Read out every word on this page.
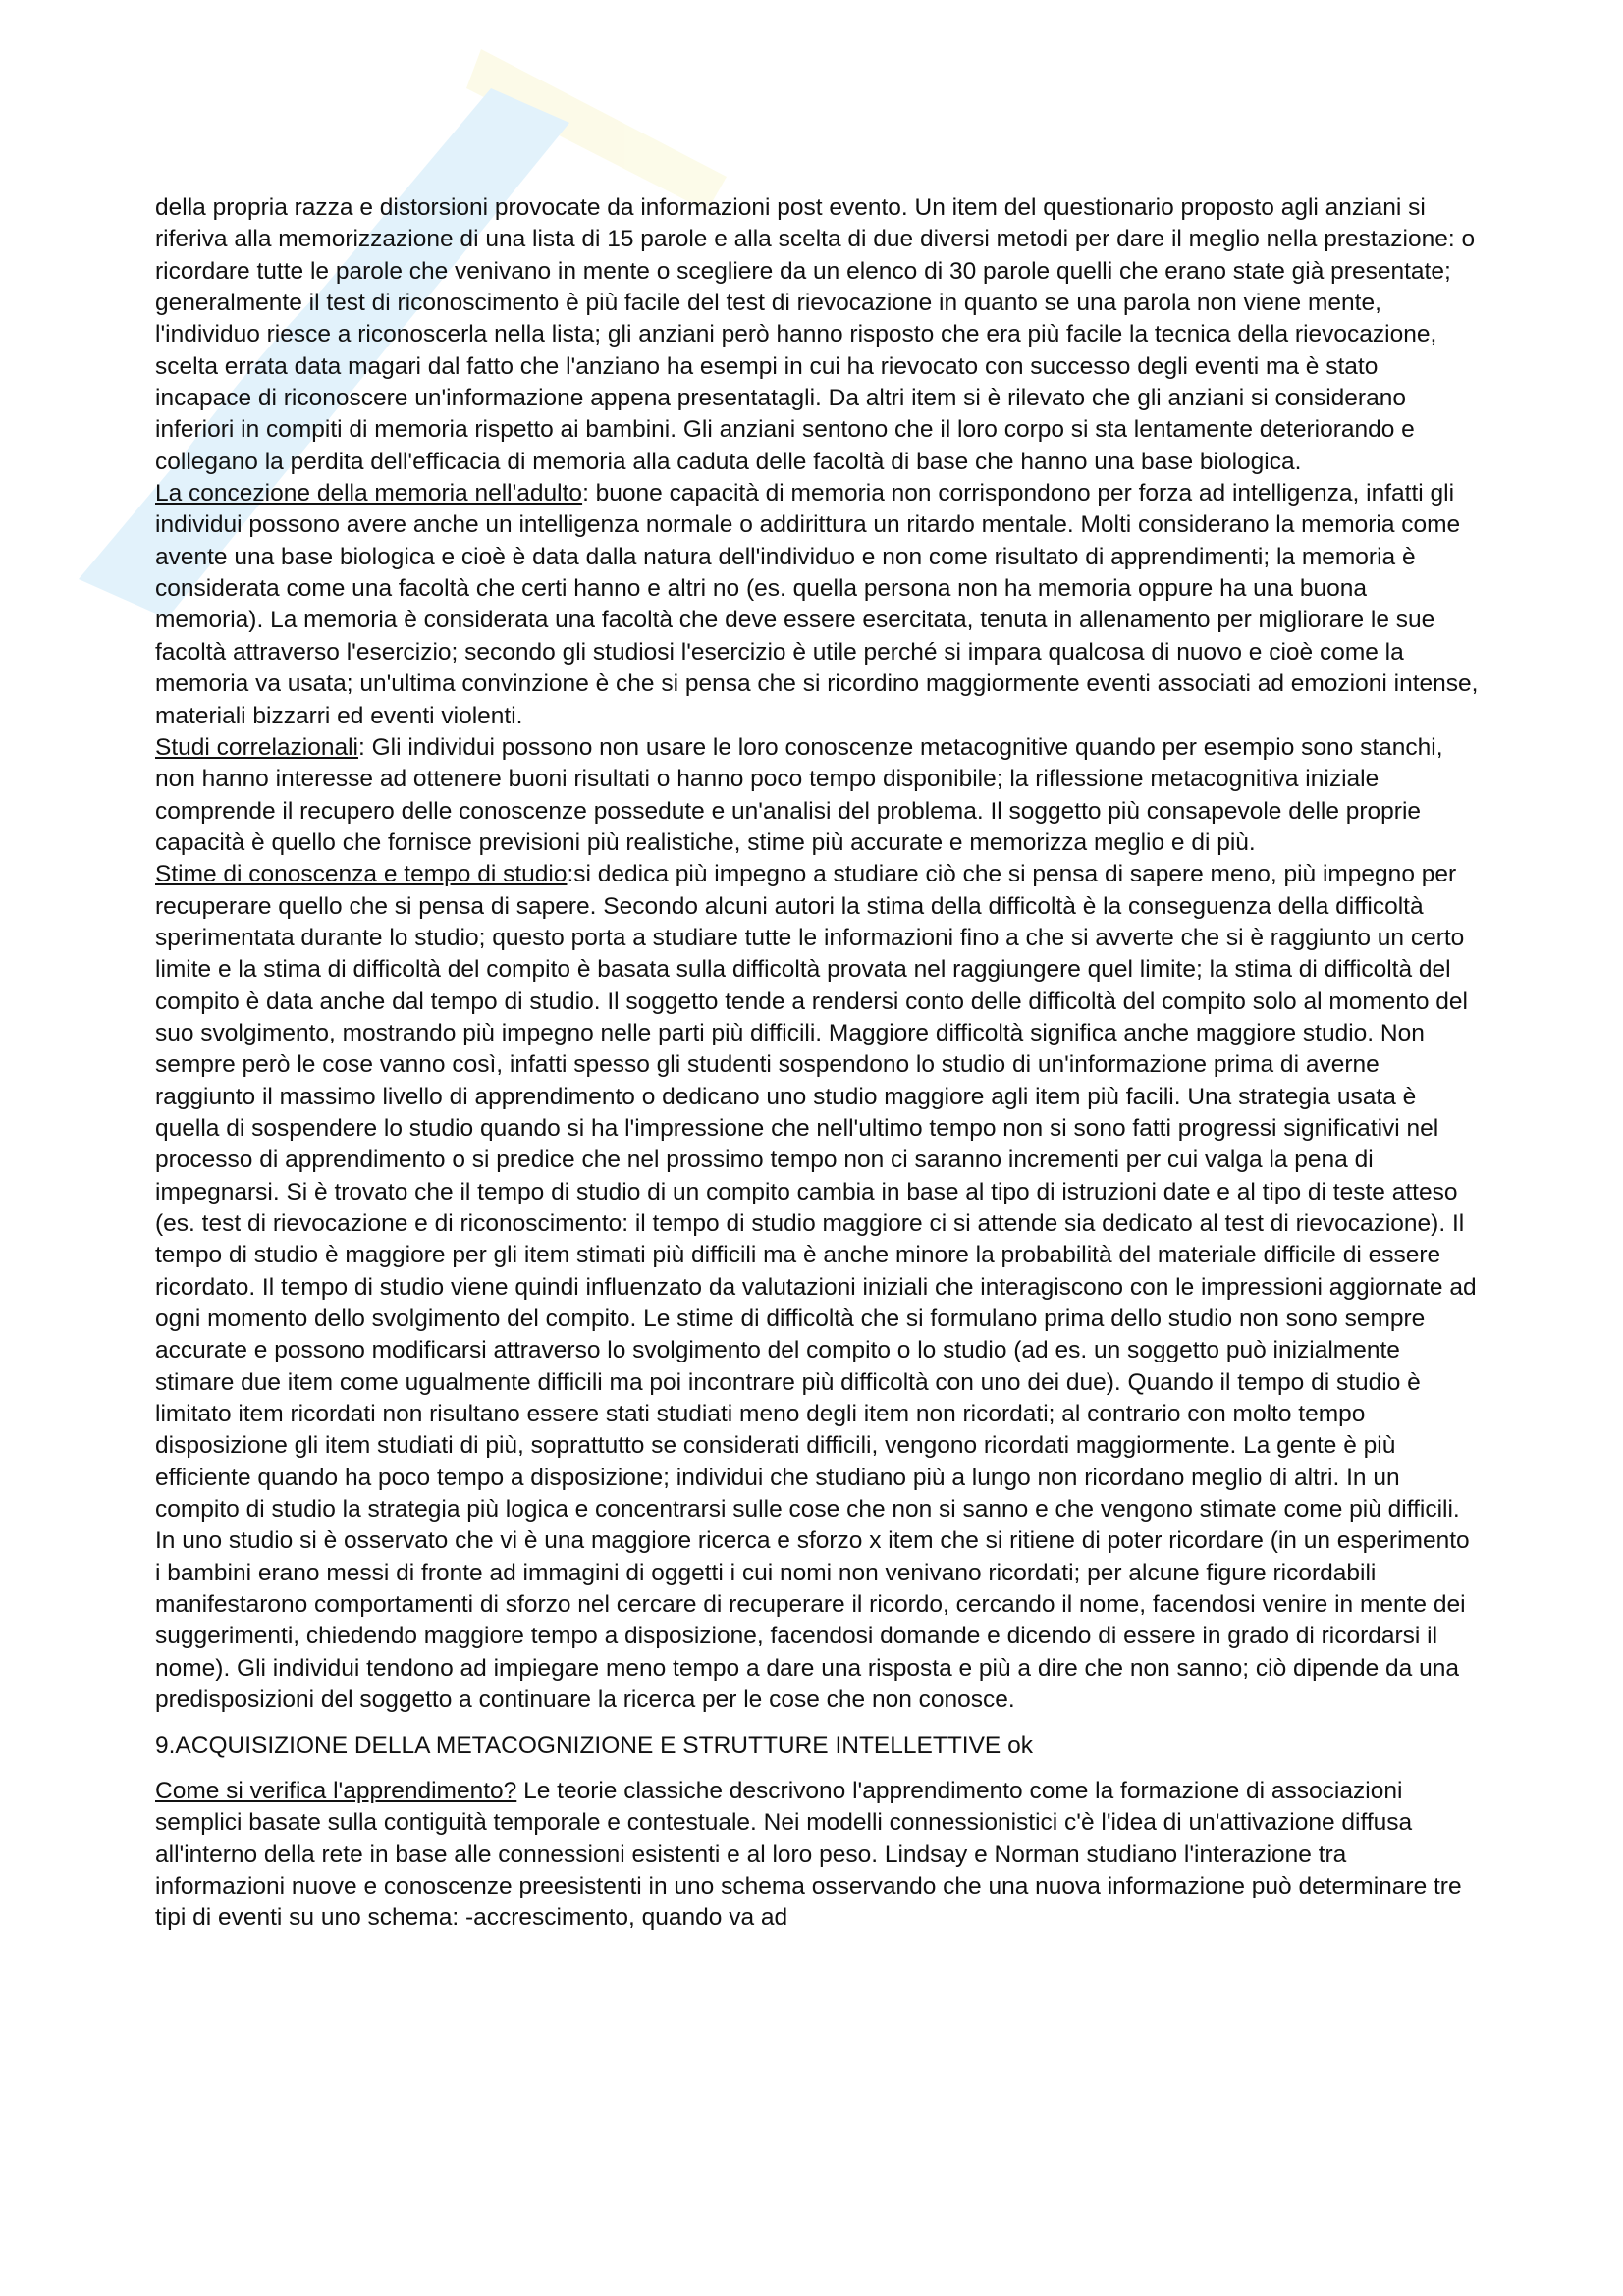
della propria razza e distorsioni provocate da informazioni post evento. Un item del questionario proposto agli anziani si riferiva alla memorizzazione di una lista di 15 parole e alla scelta di due diversi metodi per dare il meglio nella prestazione: o ricordare tutte le parole che venivano in mente o scegliere da un elenco di 30 parole quelli che erano state già presentate; generalmente il test di riconoscimento è più facile del test di rievocazione in quanto se una parola non viene mente, l'individuo riesce a riconoscerla nella lista; gli anziani però hanno risposto che era più facile la tecnica della rievocazione, scelta errata data magari dal fatto che l'anziano ha esempi in cui ha rievocato con successo degli eventi ma è stato incapace di riconoscere un'informazione appena presentatagli. Da altri item si è rilevato che gli anziani si considerano inferiori in compiti di memoria rispetto ai bambini. Gli anziani sentono che il loro corpo si sta lentamente deteriorando e collegano la perdita dell'efficacia di memoria alla caduta delle facoltà di base che hanno una base biologica.

La concezione della memoria nell'adulto: buone capacità di memoria non corrispondono per forza ad intelligenza, infatti gli individui possono avere anche un intelligenza normale o addirittura un ritardo mentale. Molti considerano la memoria come avente una base biologica e cioè è data dalla natura dell'individuo e non come risultato di apprendimenti; la memoria è considerata come una facoltà che certi hanno e altri no (es. quella persona non ha memoria oppure ha una buona memoria). La memoria è considerata una facoltà che deve essere esercitata, tenuta in allenamento per migliorare le sue facoltà attraverso l'esercizio; secondo gli studiosi l'esercizio è utile perché si impara qualcosa di nuovo e cioè come la memoria va usata; un'ultima convinzione è che si pensa che si ricordino maggiormente eventi associati ad emozioni intense, materiali bizzarri ed eventi violenti.

Studi correlazionali: Gli individui possono non usare le loro conoscenze metacognitive quando per esempio sono stanchi, non hanno interesse ad ottenere buoni risultati o hanno poco tempo disponibile; la riflessione metacognitiva iniziale comprende il recupero delle conoscenze possedute e un'analisi del problema. Il soggetto più consapevole delle proprie capacità è quello che fornisce previsioni più realistiche, stime più accurate e memorizza meglio e di più.

Stime di conoscenza e tempo di studio:si dedica più impegno a studiare ciò che si pensa di sapere meno, più impegno per recuperare quello che si pensa di sapere. Secondo alcuni autori la stima della difficoltà è la conseguenza della difficoltà sperimentata durante lo studio; questo porta a studiare tutte le informazioni fino a che si avverte che si è raggiunto un certo limite e la stima di difficoltà del compito è basata sulla difficoltà provata nel raggiungere quel limite; la stima di difficoltà del compito è data anche dal tempo di studio. Il soggetto tende a rendersi conto delle difficoltà del compito solo al momento del suo svolgimento, mostrando più impegno nelle parti più difficili. Maggiore difficoltà significa anche maggiore studio. Non sempre però le cose vanno così, infatti spesso gli studenti sospendono lo studio di un'informazione prima di averne raggiunto il massimo livello di apprendimento o dedicano uno studio maggiore agli item più facili. Una strategia usata è quella di sospendere lo studio quando si ha l'impressione che nell'ultimo tempo non si sono fatti progressi significativi nel processo di apprendimento o si predice che nel prossimo tempo non ci saranno incrementi per cui valga la pena di impegnarsi. Si è trovato che il tempo di studio di un compito cambia in base al tipo di istruzioni date e al tipo di teste atteso (es. test di rievocazione e di riconoscimento: il tempo di studio maggiore ci si attende sia dedicato al test di rievocazione). Il tempo di studio è maggiore per gli item stimati più difficili ma è anche minore la probabilità del materiale difficile di essere ricordato. Il tempo di studio viene quindi influenzato da valutazioni iniziali che interagiscono con le impressioni aggiornate ad ogni momento dello svolgimento del compito. Le stime di difficoltà che si formulano prima dello studio non sono sempre accurate e possono modificarsi attraverso lo svolgimento del compito o lo studio (ad es. un soggetto può inizialmente stimare due item come ugualmente difficili ma poi incontrare più difficoltà con uno dei due). Quando il tempo di studio è limitato item ricordati non risultano essere stati studiati meno degli item non ricordati; al contrario con molto tempo disposizione gli item studiati di più, soprattutto se considerati difficili, vengono ricordati maggiormente. La gente è più efficiente quando ha poco tempo a disposizione; individui che studiano più a lungo non ricordano meglio di altri. In un compito di studio la strategia più logica e concentrarsi sulle cose che non si sanno e che vengono stimate come più difficili. In uno studio si è osservato che vi è una maggiore ricerca e sforzo x item che si ritiene di poter ricordare (in un esperimento i bambini erano messi di fronte ad immagini di oggetti i cui nomi non venivano ricordati; per alcune figure ricordabili manifestarono comportamenti di sforzo nel cercare di recuperare il ricordo, cercando il nome, facendosi venire in mente dei suggerimenti, chiedendo maggiore tempo a disposizione, facendosi domande e dicendo di essere in grado di ricordarsi il nome). Gli individui tendono ad impiegare meno tempo a dare una risposta e più a dire che non sanno; ciò dipende da una predisposizioni del soggetto a continuare la ricerca per le cose che non conosce.

9.ACQUISIZIONE DELLA METACOGNIZIONE E STRUTTURE INTELLETTIVE ok

Come si verifica l'apprendimento? Le teorie classiche descrivono l'apprendimento come la formazione di associazioni semplici basate sulla contiguità temporale e contestuale. Nei modelli connessionistici c'è l'idea di un'attivazione diffusa all'interno della rete in base alle connessioni esistenti e al loro peso. Lindsay e Norman studiano l'interazione tra informazioni nuove e conoscenze preesistenti in uno schema osservando che una nuova informazione può determinare tre tipi di eventi su uno schema: -accrescimento, quando va ad
